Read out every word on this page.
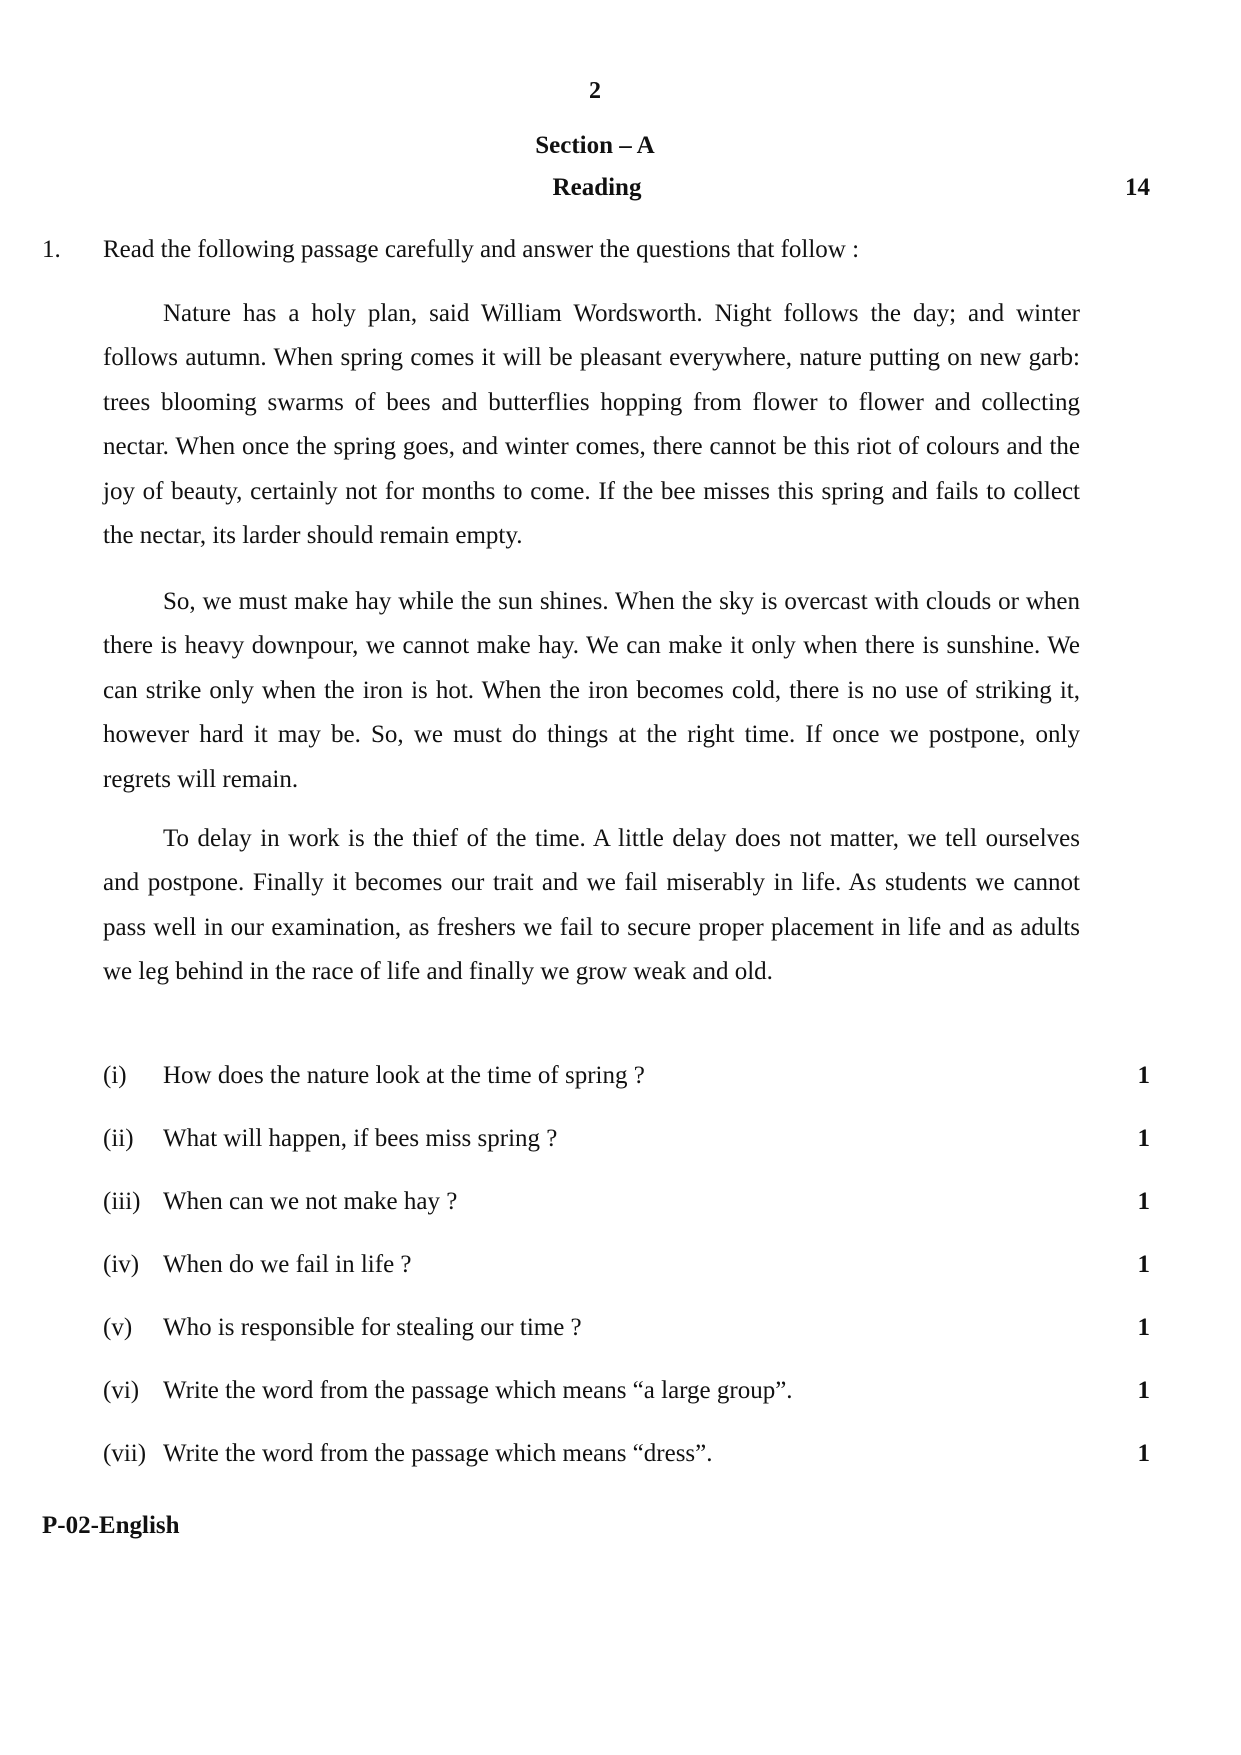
2
Section – A
Reading	14
1. Read the following passage carefully and answer the questions that follow :

Nature has a holy plan, said William Wordsworth. Night follows the day; and winter follows autumn. When spring comes it will be pleasant everywhere, nature putting on new garb: trees blooming swarms of bees and butterflies hopping from flower to flower and collecting nectar. When once the spring goes, and winter comes, there cannot be this riot of colours and the joy of beauty, certainly not for months to come. If the bee misses this spring and fails to collect the nectar, its larder should remain empty.

So, we must make hay while the sun shines. When the sky is overcast with clouds or when there is heavy downpour, we cannot make hay. We can make it only when there is sunshine. We can strike only when the iron is hot. When the iron becomes cold, there is no use of striking it, however hard it may be. So, we must do things at the right time. If once we postpone, only regrets will remain.

To delay in work is the thief of the time. A little delay does not matter, we tell ourselves and postpone. Finally it becomes our trait and we fail miserably in life. As students we cannot pass well in our examination, as freshers we fail to secure proper placement in life and as adults we leg behind in the race of life and finally we grow weak and old.

(i) How does the nature look at the time of spring ?	1
(ii) What will happen, if bees miss spring ?	1
(iii) When can we not make hay ?	1
(iv) When do we fail in life ?	1
(v) Who is responsible for stealing our time ?	1
(vi) Write the word from the passage which means “a large group”.	1
(vii) Write the word from the passage which means “dress”.	1
P-02-English
